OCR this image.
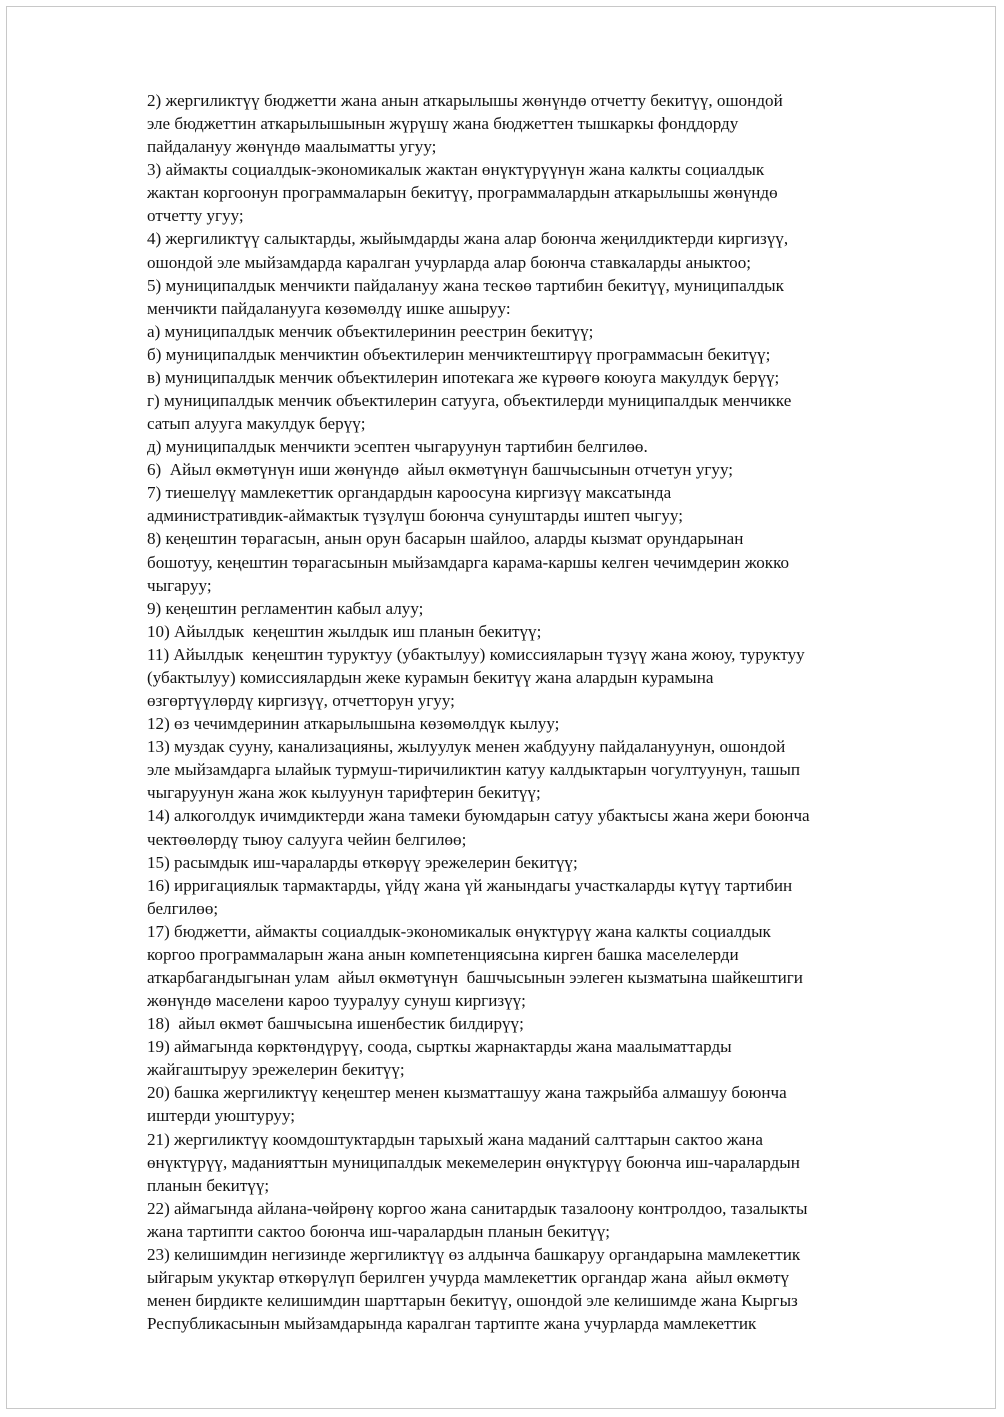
2) жергиликтүү бюджетти жана анын аткарылышы жөнүндө отчетту бекитүү, ошондой
эле бюджеттин аткарылышынын жүрүшү жана бюджеттен тышкаркы фонддорду
пайдалануу жөнүндө маалыматты угуу;
3) аймакты социалдык-экономикалык жактан өнүктүрүүнүн жана калкты социалдык
жактан коргоонун программаларын бекитүү, программалардын аткарылышы жөнүндө
отчетту угуу;
4) жергиликтүү салыктарды, жыйымдарды жана алар боюнча жеңилдиктерди киргизүү,
ошондой эле мыйзамдарда каралган учурларда алар боюнча ставкаларды аныктоо;
5) муниципалдык менчикти пайдалануу жана тескөө тартибин бекитүү, муниципалдык
менчикти пайдаланууга көзөмөлдү ишке ашыруу:
а) муниципалдык менчик объектилеринин реестрин бекитүү;
б) муниципалдык менчиктин объектилерин менчиктештирүү программасын бекитүү;
в) муниципалдык менчик объектилерин ипотекага же күрөөгө коюуга макулдук берүү;
г) муниципалдык менчик объектилерин сатууга, объектилерди муниципалдык менчикке
сатып алууга макулдук берүү;
д) муниципалдык менчикти эсептен чыгаруунун тартибин белгилөө.
6)  Айыл өкмөтүнүн иши жөнүндө  айыл өкмөтүнүн башчысынын отчетун угуу;
7) тиешелүү мамлекеттик органдардын кароосуна киргизүү максатында
административдик-аймактык түзүлүш боюнча сунуштарды иштеп чыгуу;
8) кеңештин төрагасын, анын орун басарын шайлоо, аларды кызмат орундарынан
бошотуу, кеңештин төрагасынын мыйзамдарга карама-каршы келген чечимдерин жокко
чыгаруу;
9) кеңештин регламентин кабыл алуу;
10) Айылдык  кеңештин жылдык иш планын бекитүү;
11) Айылдык  кеңештин туруктуу (убактылуу) комиссияларын түзүү жана жоюу, туруктуу
(убактылуу) комиссиялардын жеке курамын бекитүү жана алардын курамына
өзгөртүүлөрдү киргизүү, отчетторун угуу;
12) өз чечимдеринин аткарылышына көзөмөлдүк кылуу;
13) муздак сууну, канализацияны, жылуулук менен жабдууну пайдалануунун, ошондой
эле мыйзамдарга ылайык турмуш-тиричиликтин катуу калдыктарын чогултуунун, ташып
чыгаруунун жана жок кылуунун тарифтерин бекитүү;
14) алкоголдук ичимдиктерди жана тамеки буюмдарын сатуу убактысы жана жери боюнча
чектөөлөрдү тыюу салууга чейин белгилөө;
15) расымдык иш-чараларды өткөрүү эрежелерин бекитүү;
16) ирригациялык тармактарды, үйдү жана үй жанындагы участкаларды күтүү тартибин
белгилөө;
17) бюджетти, аймакты социалдык-экономикалык өнүктүрүү жана калкты социалдык
коргоо программаларын жана анын компетенциясына кирген башка маселелерди
аткарбагандыгынан улам  айыл өкмөтүнүн  башчысынын ээлеген кызматына шайкештиги
жөнүндө маселени кароо тууралуу сунуш киргизүү;
18)  айыл өкмөт башчысына ишенбестик билдирүү;
19) аймагында көрктөндүрүү, соода, сырткы жарнактарды жана маалыматтарды
жайгаштыруу эрежелерин бекитүү;
20) башка жергиликтүү кеңештер менен кызматташуу жана тажрыйба алмашуу боюнча
иштерди уюштуруу;
21) жергиликтүү коомдоштуктардын тарыхый жана маданий салттарын сактоо жана
өнүктүрүү, маданияттын муниципалдык мекемелерин өнүктүрүү боюнча иш-чаралардын
планын бекитүү;
22) аймагында айлана-чөйрөнү коргоо жана санитардык тазалоону контролдоо, тазалыкты
жана тартипти сактоо боюнча иш-чаралардын планын бекитүү;
23) келишимдин негизинде жергиликтүү өз алдынча башкаруу органдарына мамлекеттик
ыйгарым укуктар өткөрүлүп берилген учурда мамлекеттик органдар жана  айыл өкмөтү
менен бирдикте келишимдин шарттарын бекитүү, ошондой эле келишимде жана Кыргыз
Республикасынын мыйзамдарында каралган тартипте жана учурларда мамлекеттик
